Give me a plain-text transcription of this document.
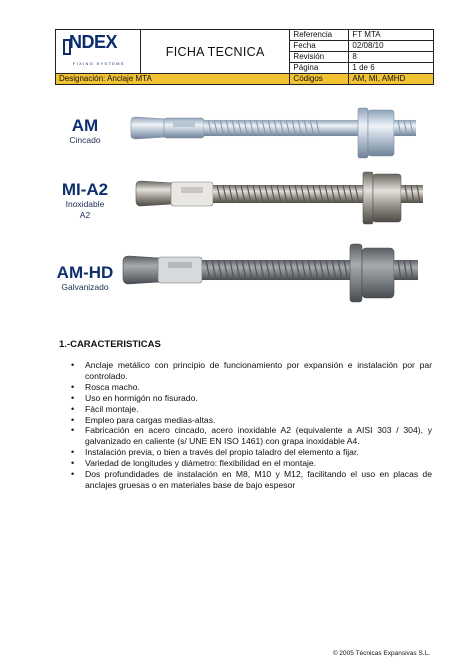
NDEX
FIXING SYSTEMS	FICHA TECNICA	Referencia	FT MTA
		Fecha	02/08/10
		Revisión	8
		Página	1 de 6
Designación: Anclaje MTA		Códigos	AM, MI, AMHD
AM
Cincado
MI-A2
Inoxidable
A2
AM-HD
Galvanizado
1.-CARACTERISTICAS
• Anclaje metálico con principio de funcionamiento por expansión e instalación por par controlado.
• Rosca macho.
• Uso en hormigón no fisurado.
• Fácil montaje.
• Empleo para cargas medias-altas.
• Fabricación en acero cincado, acero inoxidable A2 (equivalente a AISI 303 / 304), y galvanizado en caliente (s/ UNE EN ISO 1461) con grapa inoxidable A4.
• Instalación previa, o bien a través del propio taladro del elemento a fijar.
• Variedad de longitudes y diámetro: flexibilidad en el montaje.
• Dos profundidades de instalación en M8, M10 y M12, facilitando el uso en placas de anclajes gruesas o en materiales base de bajo espesor
© 2005 Técnicas Expansivas S.L.
